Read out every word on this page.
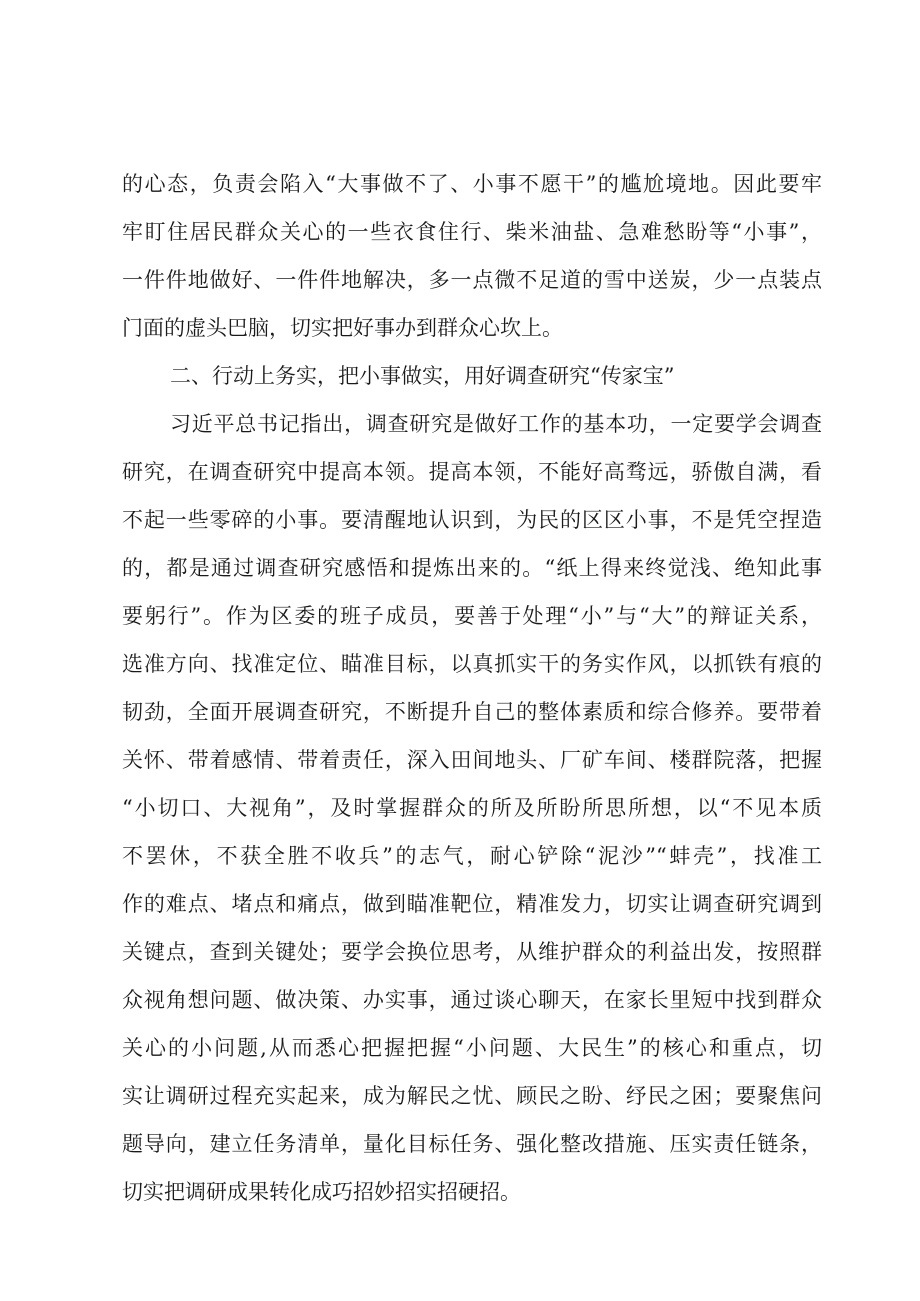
的心态，负责会陷入“大事做不了、小事不愿干”的尴尬境地。因此要牢
牢盯住居民群众关心的一些衣食住行、柴米油盐、急难愁盼等“小事”，
一件件地做好、一件件地解决，多一点微不足道的雪中送炭，少一点装点
门面的虚头巴脑，切实把好事办到群众心坎上。
二、行动上务实，把小事做实，用好调查研究“传家宝”
习近平总书记指出，调查研究是做好工作的基本功，一定要学会调查
研究，在调查研究中提高本领。提高本领，不能好高骛远，骄傲自满，看
不起一些零碎的小事。要清醒地认识到，为民的区区小事，不是凭空捏造
的，都是通过调查研究感悟和提炼出来的。“纸上得来终觉浅、绝知此事
要躬行”。作为区委的班子成员，要善于处理“小”与“大”的辩证关系，
选准方向、找准定位、瞄准目标，以真抓实干的务实作风，以抓铁有痕的
韧劲，全面开展调查研究，不断提升自己的整体素质和综合修养。要带着
关怀、带着感情、带着责任，深入田间地头、厂矿车间、楼群院落，把握
“小切口、大视角”，及时掌握群众的所及所盼所思所想，以“不见本质
不罢休，不获全胜不收兵”的志气，耐心铲除“泥沙”“蚌壳”，找准工
作的难点、堵点和痛点，做到瞄准靶位，精准发力，切实让调查研究调到
关键点，查到关键处；要学会换位思考，从维护群众的利益出发，按照群
众视角想问题、做决策、办实事，通过谈心聊天，在家长里短中找到群众
关心的小问题,从而悉心把握把握“小问题、大民生”的核心和重点，切
实让调研过程充实起来，成为解民之忧、顾民之盼、纾民之困；要聚焦问
题导向，建立任务清单，量化目标任务、强化整改措施、压实责任链条，
切实把调研成果转化成巧招妙招实招硬招。
